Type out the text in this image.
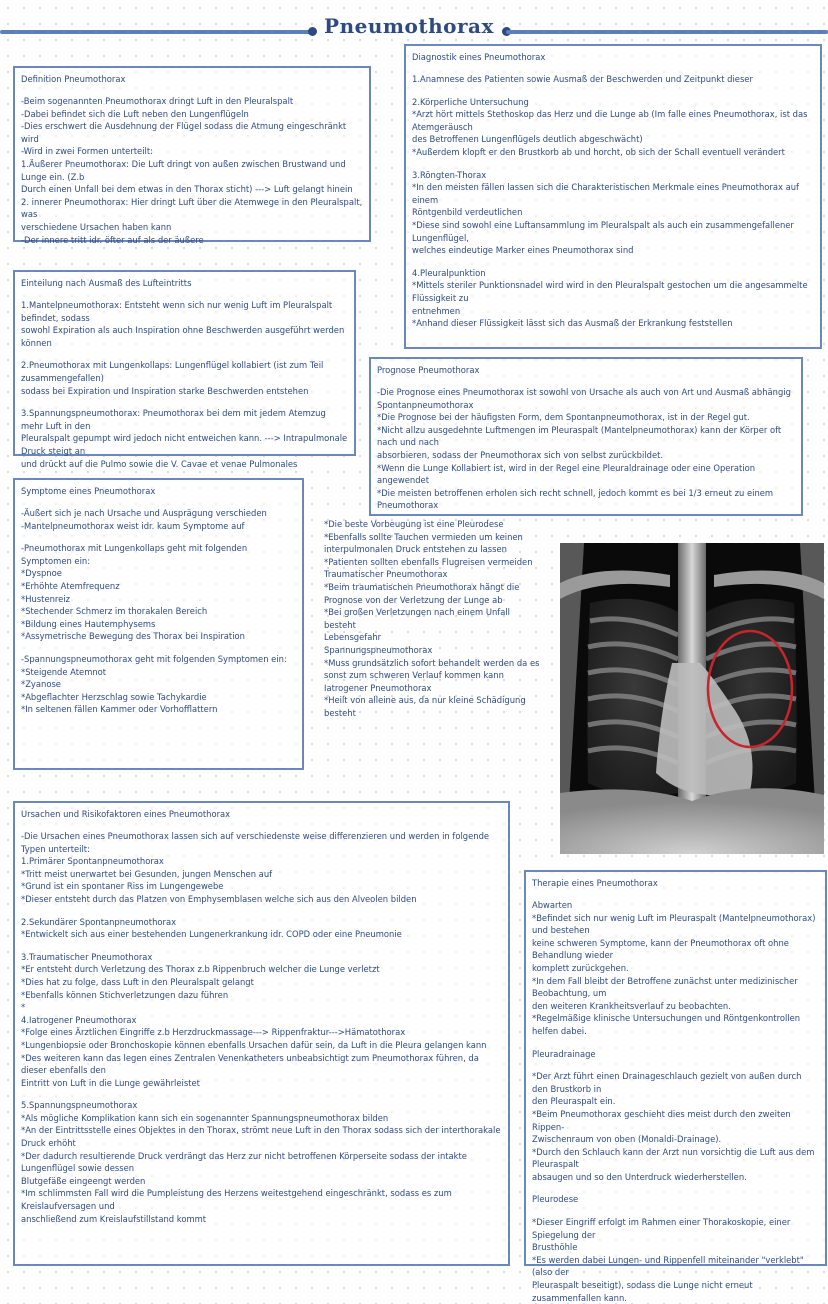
Pneumothorax
Definition Pneumothorax
-Beim sogenannten Pneumothorax dringt Luft in den Pleuralspalt
-Dabei befindet sich die Luft neben den Lungenflügeln
-Dies erschwert die Ausdehnung der Flügel sodass die Atmung eingeschränkt wird
-Wird in zwei Formen unterteilt:
1.Äußerer Pneumothorax: Die Luft dringt von außen zwischen Brustwand und Lunge ein. (Z.b
Durch einen Unfall bei dem etwas in den Thorax sticht) ---> Luft gelangt hinein
2. innerer Pneumothorax: Hier dringt Luft über die Atemwege in den Pleuralspalt, was
verschiedene Ursachen haben kann
-Der innere tritt idr. öfter auf als der äußere
Einteilung nach Ausmaß des Lufteintritts
1.Mantelpneumothorax: Entsteht wenn sich nur wenig Luft im Pleuralspalt befindet, sodass
sowohl Expiration als auch Inspiration ohne Beschwerden ausgeführt werden können
2.Pneumothorax mit Lungenkollaps: Lungenflügel kollabiert (ist zum Teil zusammengefallen)
sodass bei Expiration und Inspiration starke Beschwerden entstehen
3.Spannungspneumothorax: Pneumothorax bei dem mit jedem Atemzug mehr Luft in den
Pleuralspalt gepumpt wird jedoch nicht entweichen kann. ---> Intrapulmonale Druck steigt an
und drückt auf die Pulmo sowie die V. Cavae et venae Pulmonales
Symptome eines Pneumothorax
-Äußert sich je nach Ursache und Ausprägung verschieden
-Mantelpneumothorax weist idr. kaum Symptome auf
-Pneumothorax mit Lungenkollaps geht mit folgenden Symptomen ein:
*Dyspnoe
*Erhöhte Atemfrequenz
*Hustenreiz
*Stechender Schmerz im thorakalen Bereich
*Bildung eines Hautemphysems
*Assymetrische Bewegung des Thorax bei Inspiration
-Spannungspneumothorax geht mit folgenden Symptomen ein:
*Steigende Atemnot
*Zyanose
*Abgeflachter Herzschlag sowie Tachykardie
*In seltenen fällen Kammer oder Vorhofflattern
Diagnostik eines Pneumothorax
1.Anamnese des Patienten sowie Ausmaß der Beschwerden und Zeitpunkt dieser
2.Körperliche Untersuchung
*Arzt hört mittels Stethoskop das Herz und die Lunge ab (Im falle eines Pneumothorax, ist das Atemgeräusch
des Betroffenen Lungenflügels deutlich abgeschwächt)
*Außerdem klopft er den Brustkorb ab und horcht, ob sich der Schall eventuell verändert
3.Röngten-Thorax
*In den meisten fällen lassen sich die Charakteristischen Merkmale eines Pneumothorax auf einem
Röntgenbild verdeutlichen
*Diese sind sowohl eine Luftansammlung im Pleuralspalt als auch ein zusammengefallener Lungenflügel,
welches eindeutige Marker eines Pneumothorax sind
4.Pleuralpunktion
*Mittels steriler Punktionsnadel wird wird in den Pleuralspalt gestochen um die angesammelte Flüssigkeit zu
entnehmen
*Anhand dieser Flüssigkeit lässt sich das Ausmaß der Erkrankung feststellen
Prognose Pneumothorax
-Die Prognose eines Pneumothorax ist sowohl von Ursache als auch von Art und Ausmaß abhängig
Spontanpneumothorax
*Die Prognose bei der häufigsten Form, dem Spontanpneumothorax, ist in der Regel gut.
*Nicht allzu ausgedehnte Luftmengen im Pleuraspalt (Mantelpneumothorax) kann der Körper oft nach und nach
absorbieren, sodass der Pneumothorax sich von selbst zurückbildet.
*Wenn die Lunge Kollabiert ist, wird in der Regel eine Pleuraldrainage oder eine Operation angewendet
*Die meisten betroffenen erholen sich recht schnell, jedoch kommt es bei 1/3 erneut zu einem Pneumothorax
*Die beste Vorbeugung ist eine Pleurodese
*Ebenfalls sollte Tauchen vermieden um keinen
interpulmonalen Druck entstehen zu lassen
*Patienten sollten ebenfalls Flugreisen vermeiden
Traumatischer Pneumothorax
*Beim traumatischen Pneumothorax hängt die
Prognose von der Verletzung der Lunge ab
*Bei großen Verletzungen nach einem Unfall besteht
Lebensgefahr
Spannungspneumothorax
*Muss grundsätzlich sofort behandelt werden da es
sonst zum schweren Verlauf kommen kann
Iatrogener Pneumothorax
*Heilt von alleine aus, da nur kleine Schädigung besteht
Ursachen und Risikofaktoren eines Pneumothorax
-Die Ursachen eines Pneumothorax lassen sich auf verschiedenste weise differenzieren und werden in folgende Typen unterteilt:
1.Primärer Spontanpneumothorax
*Tritt meist unerwartet bei Gesunden, jungen Menschen auf
*Grund ist ein spontaner Riss im Lungengewebe
*Dieser entsteht durch das Platzen von Emphysemblasen welche sich aus den Alveolen bilden
2.Sekundärer Spontanpneumothorax
*Entwickelt sich aus einer bestehenden Lungenerkrankung idr. COPD oder eine Pneumonie
3.Traumatischer Pneumothorax
*Er entsteht durch Verletzung des Thorax z.b Rippenbruch welcher die Lunge verletzt
*Dies hat zu folge, dass Luft in den Pleuralspalt gelangt
*Ebenfalls können Stichverletzungen dazu führen
*
4.Iatrogener Pneumothorax
*Folge eines Ärztlichen Eingriffe z.b Herzdruckmassage---> Rippenfraktur--->Hämatothorax
*Lungenbiopsie oder Bronchoskopie können ebenfalls Ursachen dafür sein, da Luft in die Pleura gelangen kann
*Des weiteren kann das legen eines Zentralen Venenkatheters unbeabsichtigt zum Pneumothorax führen, da dieser ebenfalls den
Eintritt von Luft in die Lunge gewährleistet
5.Spannungspneumothorax
*Als mögliche Komplikation kann sich ein sogenannter Spannungspneumothorax bilden
*An der Eintrittsstelle eines Objektes in den Thorax, strömt neue Luft in den Thorax sodass sich der interthorakale Druck erhöht
*Der dadurch resultierende Druck verdrängt das Herz zur nicht betroffenen Körperseite sodass der intakte Lungenflügel sowie dessen
Blutgefäße eingeengt werden
*Im schlimmsten Fall wird die Pumpleistung des Herzens weitestgehend eingeschränkt, sodass es zum Kreislaufversagen und
anschließend zum Kreislaufstillstand kommt
Therapie eines Pneumothorax
Abwarten
*Befindet sich nur wenig Luft im Pleuraspalt (Mantelpneumothorax) und bestehen
keine schweren Symptome, kann der Pneumothorax oft ohne Behandlung wieder
komplett zurückgehen.
*In dem Fall bleibt der Betroffene zunächst unter medizinischer Beobachtung, um
den weiteren Krankheitsverlauf zu beobachten.
*Regelmäßige klinische Untersuchungen und Röntgenkontrollen helfen dabei.
Pleuradrainage
*Der Arzt führt einen Drainageschlauch gezielt von außen durch den Brustkorb in
den Pleuraspalt ein.
*Beim Pneumothorax geschieht dies meist durch den zweiten Rippen-
Zwischenraum von oben (Monaldi-Drainage).
*Durch den Schlauch kann der Arzt nun vorsichtig die Luft aus dem Pleuraspalt
absaugen und so den Unterdruck wiederherstellen.
Pleurodese
*Dieser Eingriff erfolgt im Rahmen einer Thorakoskopie, einer Spiegelung der
Brusthöhle
*Es werden dabei Lungen- und Rippenfell miteinander "verklebt" (also der
Pleuraspalt beseitigt), sodass die Lunge nicht erneut zusammenfallen kann.
